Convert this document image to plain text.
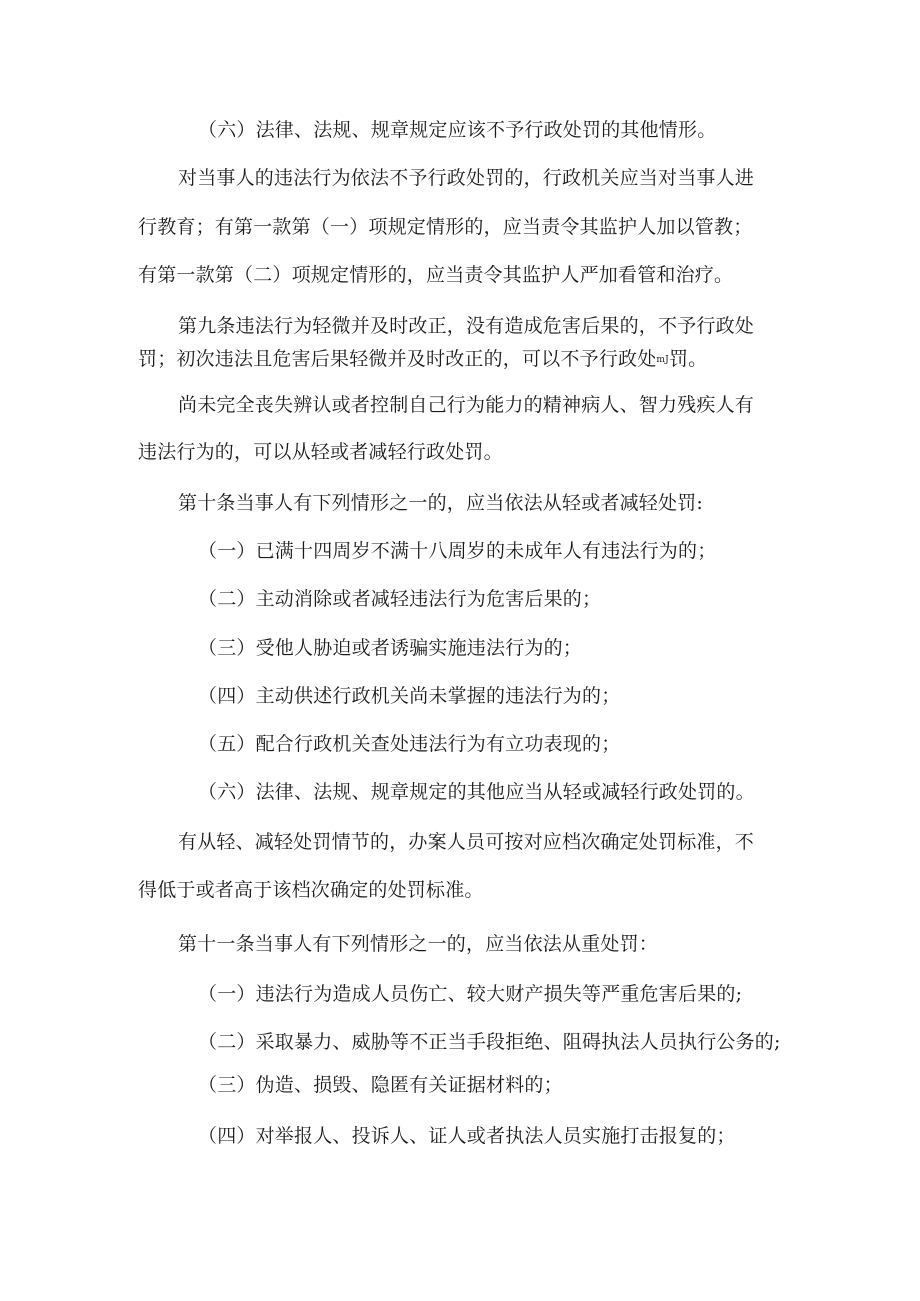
（六）法律、法规、规章规定应该不予行政处罚的其他情形。
对当事人的违法行为依法不予行政处罚的，行政机关应当对当事人进
行教育；有第一款第（一）项规定情形的，应当责令其监护人加以管教；
有第一款第（二）项规定情形的，应当责令其监护人严加看管和治疗。
第九条违法行为轻微并及时改正，没有造成危害后果的，不予行政处
罚；初次违法且危害后果轻微并及时改正的，可以不予行政处mJ罚。
尚未完全丧失辨认或者控制自己行为能力的精神病人、智力残疾人有
违法行为的，可以从轻或者减轻行政处罚。
第十条当事人有下列情形之一的，应当依法从轻或者减轻处罚:
（一）已满十四周岁不满十八周岁的未成年人有违法行为的；
（二）主动消除或者减轻违法行为危害后果的；
（三）受他人胁迫或者诱骗实施违法行为的；
（四）主动供述行政机关尚未掌握的违法行为的；
（五）配合行政机关查处违法行为有立功表现的；
（六）法律、法规、规章规定的其他应当从轻或减轻行政处罚的。
有从轻、减轻处罚情节的，办案人员可按对应档次确定处罚标准，不
得低于或者高于该档次确定的处罚标准。
第十一条当事人有下列情形之一的，应当依法从重处罚：
（一）违法行为造成人员伤亡、较大财产损失等严重危害后果的;
（二）采取暴力、威胁等不正当手段拒绝、阻碍执法人员执行公务的;
（三）伪造、损毁、隐匿有关证据材料的；
（四）对举报人、投诉人、证人或者执法人员实施打击报复的；
